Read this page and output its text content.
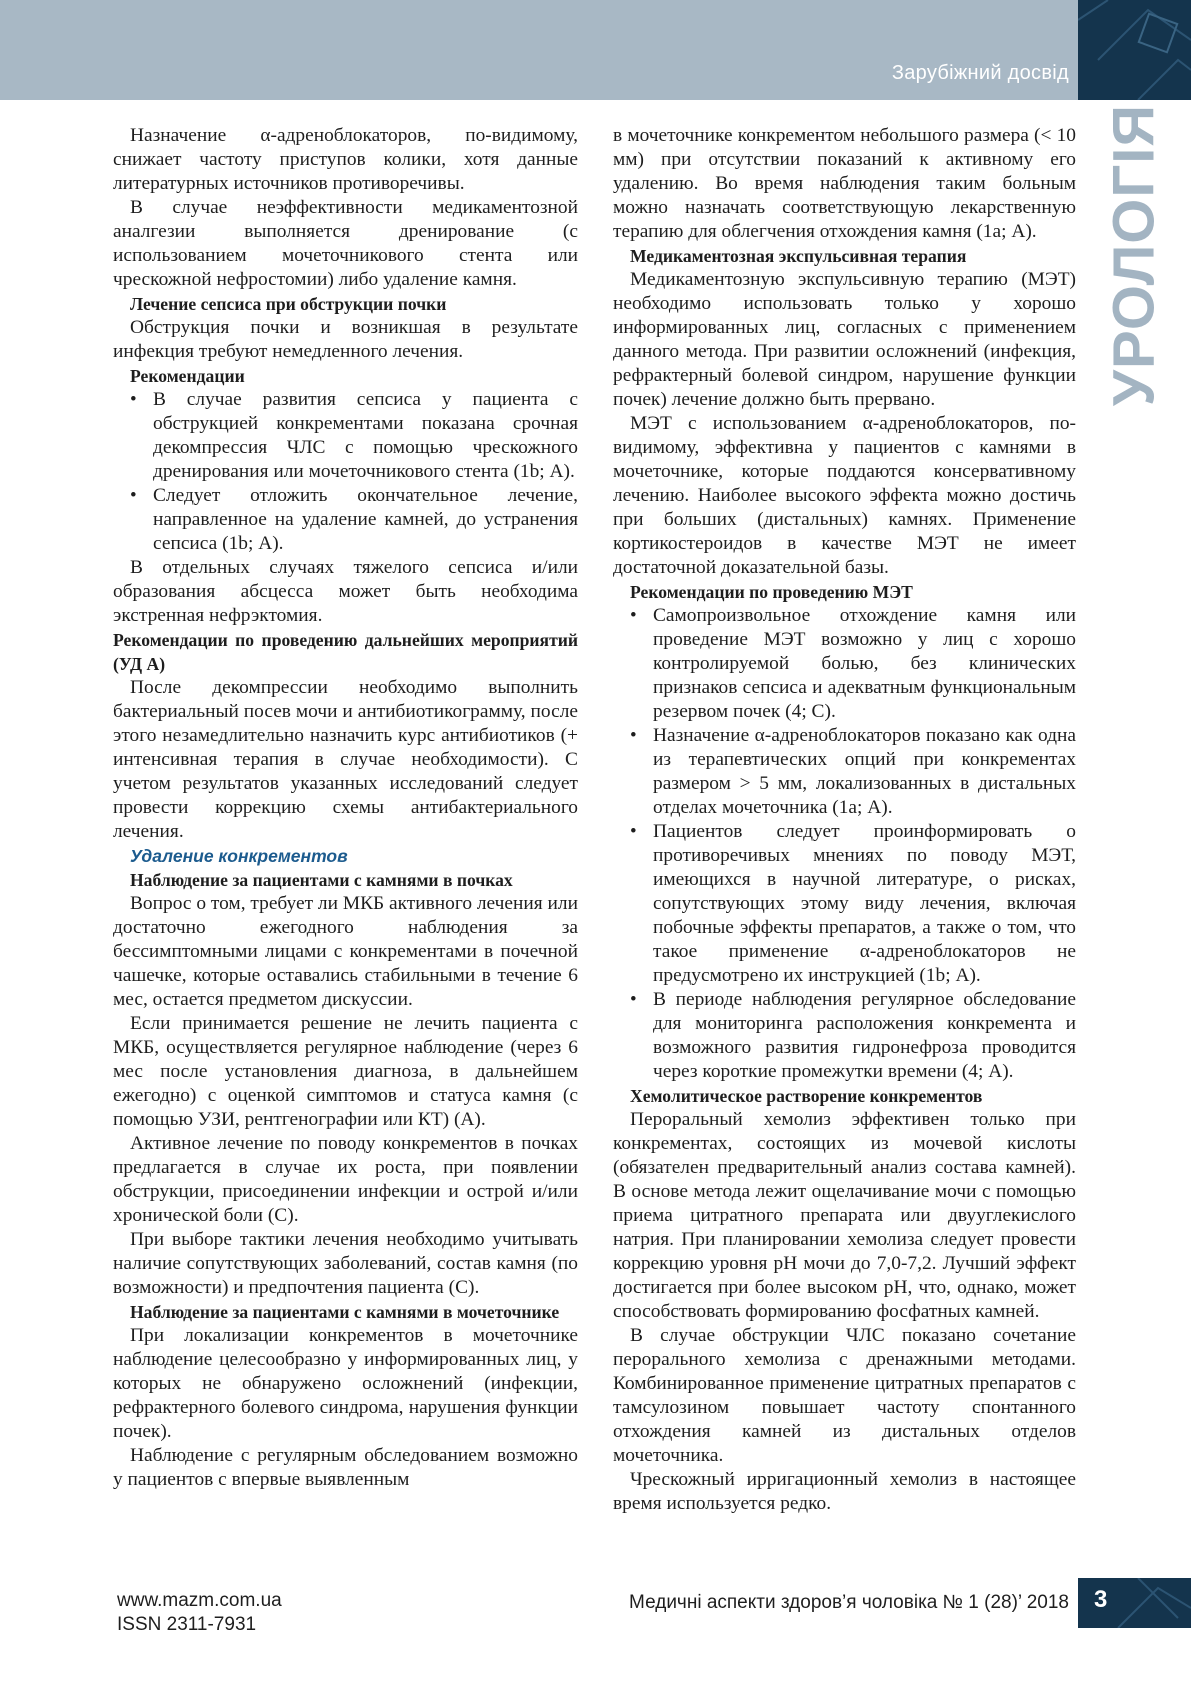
Зарубіжний досвід
УРОЛОГІЯ

Назначение α-адреноблокаторов, по-видимому, снижает частоту приступов колики, хотя данные литературных источников противоречивы.

В случае неэффективности медикаментозной аналгезии выполняется дренирование (с использованием мочеточникового стента или чрескожной нефростомии) либо удаление камня.

Лечение сепсиса при обструкции почки

Обструкция почки и возникшая в результате инфекция требуют немедленного лечения.

Рекомендации

• В случае развития сепсиса у пациента с обструкцией конкрементами показана срочная декомпрессия ЧЛС с помощью чрескожного дренирования или мочеточникового стента (1b; А).
• Следует отложить окончательное лечение, направленное на удаление камней, до устранения сепсиса (1b; А).

В отдельных случаях тяжелого сепсиса и/или образования абсцесса может быть необходима экстренная нефрэктомия.

Рекомендации по проведению дальнейших мероприятий (УД А)

После декомпрессии необходимо выполнить бактериальный посев мочи и антибиотикограмму, после этого незамедлительно назначить курс антибиотиков (+ интенсивная терапия в случае необходимости). С учетом результатов указанных исследований следует провести коррекцию схемы антибактериального лечения.

Удаление конкрементов

Наблюдение за пациентами с камнями в почках

Вопрос о том, требует ли МКБ активного лечения или достаточно ежегодного наблюдения за бессимптомными лицами с конкрементами в почечной чашечке, которые оставались стабильными в течение 6 мес, остается предметом дискуссии.

Если принимается решение не лечить пациента с МКБ, осуществляется регулярное наблюдение (через 6 мес после установления диагноза, в дальнейшем ежегодно) с оценкой симптомов и статуса камня (с помощью УЗИ, рентгенографии или КТ) (А).

Активное лечение по поводу конкрементов в почках предлагается в случае их роста, при появлении обструкции, присоединении инфекции и острой и/или хронической боли (С).

При выборе тактики лечения необходимо учитывать наличие сопутствующих заболеваний, состав камня (по возможности) и предпочтения пациента (С).

Наблюдение за пациентами с камнями в мочеточнике

При локализации конкрементов в мочеточнике наблюдение целесообразно у информированных лиц, у которых не обнаружено осложнений (инфекции, рефрактерного болевого синдрома, нарушения функции почек).

Наблюдение с регулярным обследованием возможно у пациентов с впервые выявленным

в мочеточнике конкрементом небольшого размера (< 10 мм) при отсутствии показаний к активному его удалению. Во время наблюдения таким больным можно назначать соответствующую лекарственную терапию для облегчения отхождения камня (1а; А).

Медикаментозная экспульсивная терапия

Медикаментозную экспульсивную терапию (МЭТ) необходимо использовать только у хорошо информированных лиц, согласных с применением данного метода. При развитии осложнений (инфекция, рефрактерный болевой синдром, нарушение функции почек) лечение должно быть прервано.

МЭТ с использованием α-адреноблокаторов, по-видимому, эффективна у пациентов с камнями в мочеточнике, которые поддаются консервативному лечению. Наиболее высокого эффекта можно достичь при больших (дистальных) камнях. Применение кортикостероидов в качестве МЭТ не имеет достаточной доказательной базы.

Рекомендации по проведению МЭТ

• Самопроизвольное отхождение камня или проведение МЭТ возможно у лиц с хорошо контролируемой болью, без клинических признаков сепсиса и адекватным функциональным резервом почек (4; С).
• Назначение α-адреноблокаторов показано как одна из терапевтических опций при конкрементах размером > 5 мм, локализованных в дистальных отделах мочеточника (1а; А).
• Пациентов следует проинформировать о противоречивых мнениях по поводу МЭТ, имеющихся в научной литературе, о рисках, сопутствующих этому виду лечения, включая побочные эффекты препаратов, а также о том, что такое применение α-адреноблокаторов не предусмотрено их инструкцией (1b; А).
• В периоде наблюдения регулярное обследование для мониторинга расположения конкремента и возможного развития гидронефроза проводится через короткие промежутки времени (4; А).

Хемолитическое растворение конкрементов

Пероральный хемолиз эффективен только при конкрементах, состоящих из мочевой кислоты (обязателен предварительный анализ состава камней). В основе метода лежит ощелачивание мочи с помощью приема цитратного препарата или двууглекислого натрия. При планировании хемолиза следует провести коррекцию уровня pH мочи до 7,0-7,2. Лучший эффект достигается при более высоком pH, что, однако, может способствовать формированию фосфатных камней.

В случае обструкции ЧЛС показано сочетание перорального хемолиза с дренажными методами. Комбинированное применение цитратных препаратов с тамсулозином повышает частоту спонтанного отхождения камней из дистальных отделов мочеточника.

Чрескожный ирригационный хемолиз в настоящее время используется редко.

www.mazm.com.ua
ISSN 2311-7931
Медичні аспекти здоров’я чоловіка № 1 (28)’ 2018 3
